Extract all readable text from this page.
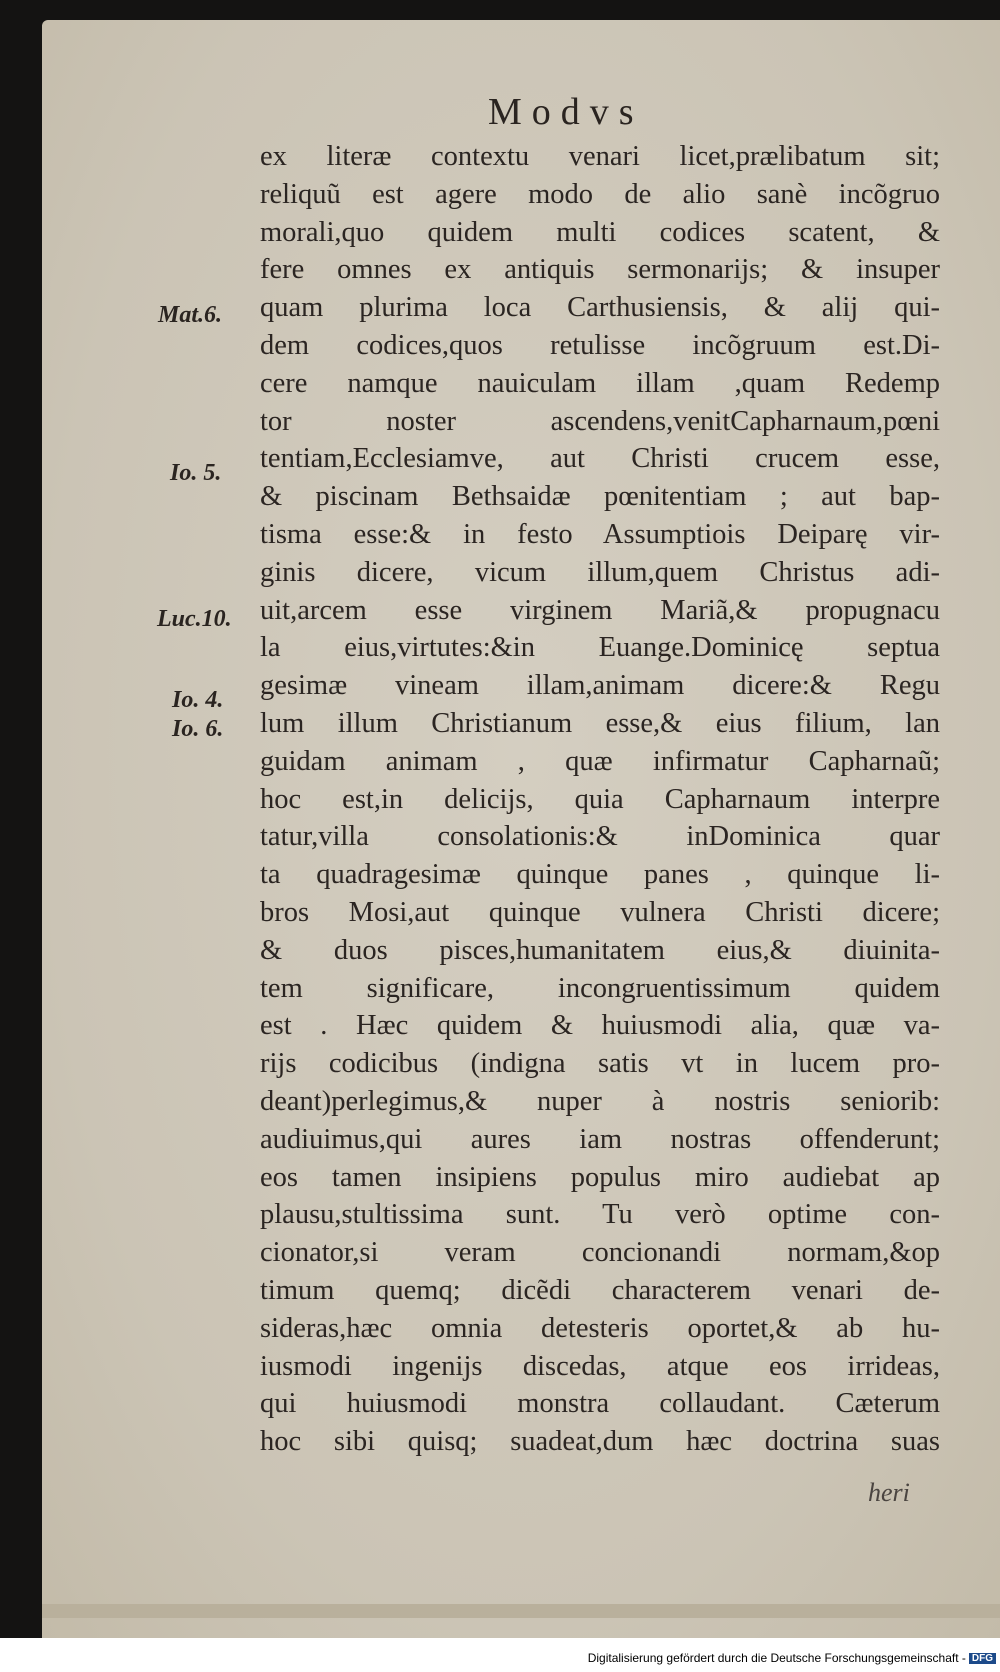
Modvs
Mat.6.
Io. 5.
Luc.10.
Io. 4.
Io. 6.
ex literæ contextu venari licet,prælibatum sit;
reliquũ est agere modo de alio sanè incõgruo
morali,quo quidem multi codices scatent, &
fere omnes ex antiquis sermonarijs; & insuper
quam plurima loca Carthusiensis, & alij qui-
dem codices,quos retulisse incõgruum est.Di-
cere namque nauiculam illam ,quam Redemp
tor noster ascendens,venitCapharnaum,pœni
tentiam,Ecclesiamve, aut Christi crucem esse,
& piscinam Bethsaidæ pœnitentiam ; aut bap-
tisma esse:& in festo Assumptiois Deiparę vir-
ginis dicere, vicum illum,quem Christus adi-
uit,arcem esse virginem Mariã,& propugnacu
la eius,virtutes:&in Euange.Dominicę septua
gesimæ vineam illam,animam dicere:& Regu
lum illum Christianum esse,& eius filium, lan
guidam animam , quæ infirmatur Capharnaũ;
hoc est,in delicijs, quia Capharnaum interpre
tatur,villa consolationis:& inDominica quar
ta quadragesimæ quinque panes , quinque li-
bros Mosi,aut quinque vulnera Christi dicere;
& duos pisces,humanitatem eius,& diuinita-
tem significare, incongruentissimum quidem
est . Hæc quidem & huiusmodi alia, quæ va-
rijs codicibus (indigna satis vt in lucem pro-
deant)perlegimus,& nuper à nostris seniorib:
audiuimus,qui aures iam nostras offenderunt;
eos tamen insipiens populus miro audiebat ap
plausu,stultissima sunt. Tu verò optime con-
cionator,si veram concionandi normam,&op
timum quemq; dicẽdi characterem venari de-
sideras,hæc omnia detesteris oportet,& ab hu-
iusmodi ingenijs discedas, atque eos irrideas,
qui huiusmodi monstra collaudant. Cæterum
hoc sibi quisq; suadeat,dum hæc doctrina suas
heri
Digitalisierung gefördert durch die Deutsche Forschungsgemeinschaft - DFG
